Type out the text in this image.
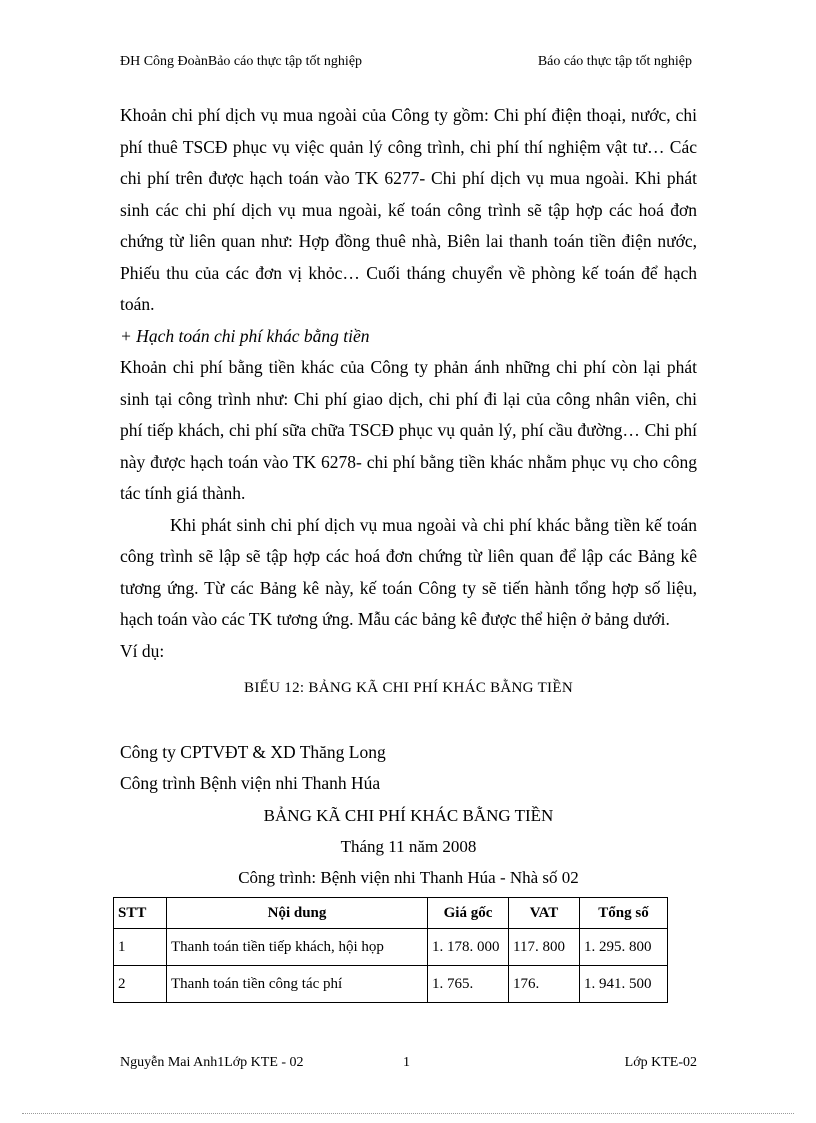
ĐH Công ĐoànBảo cáo thực tập tốt nghiệp	Báo cáo thực tập tốt nghiệp

Khoản chi phí dịch vụ mua ngoài của Công ty gồm: Chi phí điện thoại, nước, chi phí thuê TSCĐ phục vụ việc quản lý công trình, chi phí thí nghiệm vật tư… Các chi phí trên được hạch toán vào TK 6277- Chi phí dịch vụ mua ngoài. Khi phát sinh các chi phí dịch vụ mua ngoài, kế toán công trình sẽ tập hợp các hoá đơn chứng từ liên quan như: Hợp đồng thuê nhà, Biên lai thanh toán tiền điện nước, Phiếu thu của các đơn vị khỏc… Cuối tháng chuyển về phòng kế toán để hạch toán.

+ Hạch toán chi phí khác bằng tiền

Khoản chi phí bằng tiền khác của Công ty phản ánh những chi phí còn lại phát sinh tại công trình như: Chi phí giao dịch, chi phí đi lại của công nhân viên, chi phí tiếp khách, chi phí sữa chữa TSCĐ phục vụ quản lý, phí cầu đường… Chi phí này được hạch toán vào TK 6278- chi phí bằng tiền khác nhằm phục vụ cho công tác tính giá thành.

Khi phát sinh chi phí dịch vụ mua ngoài và chi phí khác bằng tiền kế toán công trình sẽ lập sẽ tập hợp các hoá đơn chứng từ liên quan để lập các Bảng kê tương ứng. Từ các Bảng kê này, kế toán Công ty sẽ tiến hành tổng hợp số liệu, hạch toán vào các TK tương ứng. Mẫu các bảng kê được thể hiện ở bảng dưới.

Ví dụ:

BIỂU 12: BẢNG KÃ CHI PHÍ KHÁC BẰNG TIỀN
Công ty CPTVĐT & XD Thăng Long
Công trình Bệnh viện nhi Thanh Húa
BẢNG KÃ CHI PHÍ KHÁC BẰNG TIỀN
Tháng 11 năm 2008
Công trình: Bệnh viện nhi Thanh Húa - Nhà số 02
STT	Nội dung	Giá gốc	VAT	Tổng số
1	Thanh toán tiền tiếp khách, hội họp	1. 178. 000	117. 800	1. 295. 800
2	Thanh toán tiền công tác phí	1. 765.	176.	1. 941. 500
Nguyễn Mai Anh1Lớp KTE - 02	1	Lớp KTE-02
